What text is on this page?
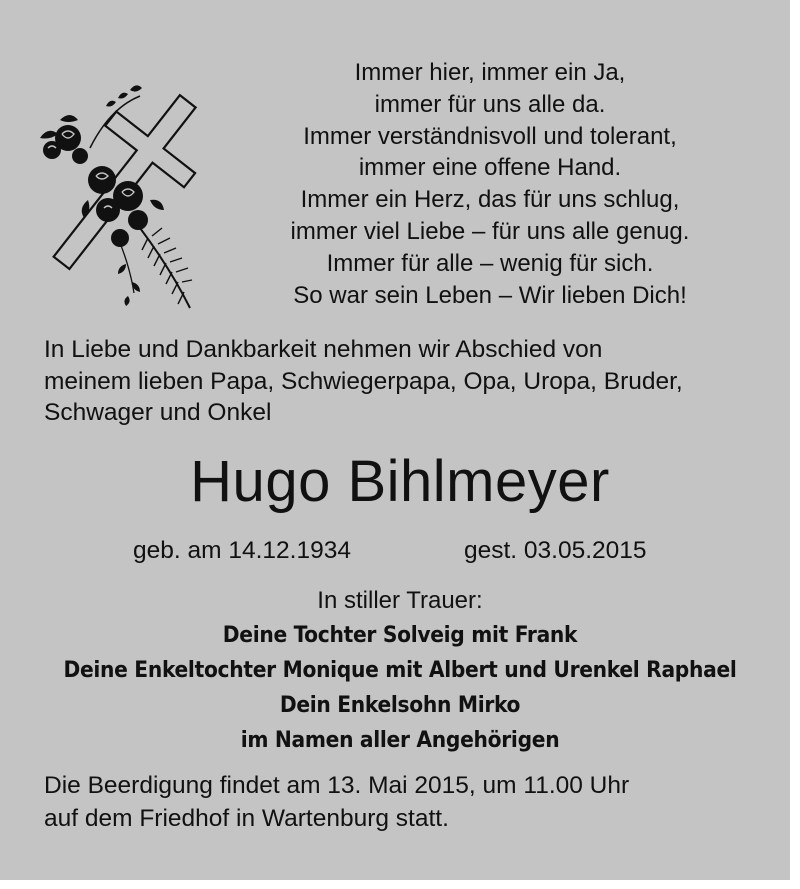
Immer hier, immer ein Ja,
immer für uns alle da.
Immer verständnisvoll und tolerant,
immer eine offene Hand.
Immer ein Herz, das für uns schlug,
immer viel Liebe – für uns alle genug.
Immer für alle – wenig für sich.
So war sein Leben – Wir lieben Dich!
In Liebe und Dankbarkeit nehmen wir Abschied von
meinem lieben Papa, Schwiegerpapa, Opa, Uropa, Bruder,
Schwager und Onkel
Hugo Bihlmeyer
geb. am 14.12.1934	gest. 03.05.2015
In stiller Trauer:
Deine Tochter Solveig mit Frank
Deine Enkeltochter Monique mit Albert und Urenkel Raphael
Dein Enkelsohn Mirko
im Namen aller Angehörigen
Die Beerdigung findet am 13. Mai 2015, um 11.00 Uhr
auf dem Friedhof in Wartenburg statt.
